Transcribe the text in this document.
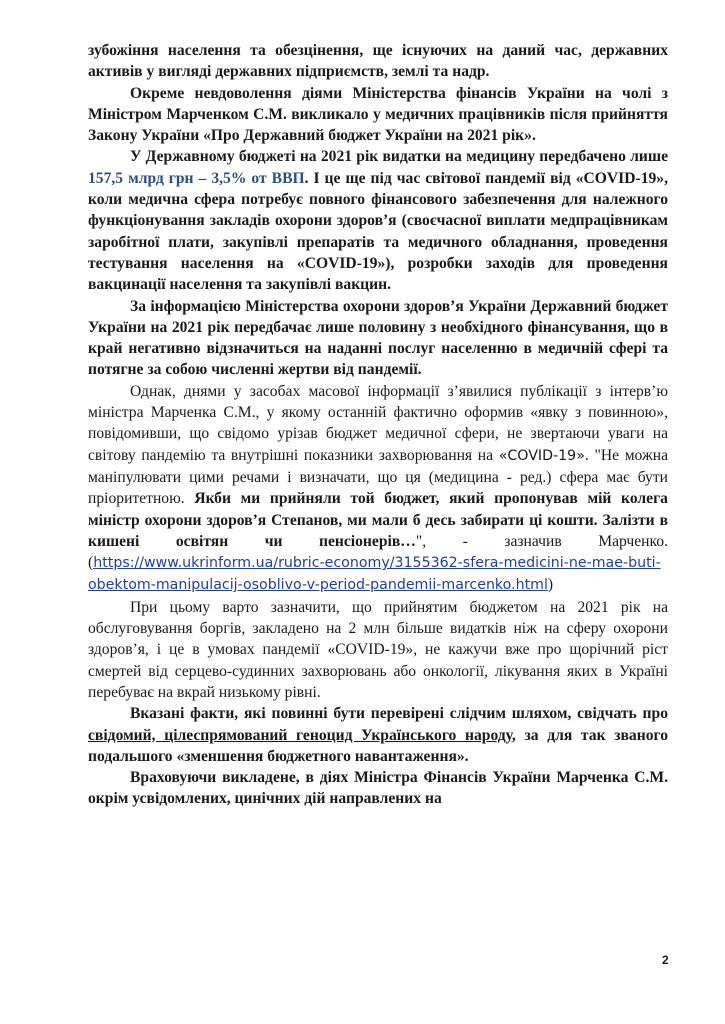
зубожіння населення та обезцінення, ще існуючих на даний час, державних активів у вигляді державних підприємств, землі та надр.

Окреме невдоволення діями Міністерства фінансів України на чолі з Міністром Марченком С.М. викликало у медичних працівників після прийняття Закону України «Про Державний бюджет України на 2021 рік».

У Державному бюджеті на 2021 рік видатки на медицину передбачено лише 157,5 млрд грн – 3,5% от ВВП. І це ще під час світової пандемії від «COVID-19», коли медична сфера потребує повного фінансового забезпечення для належного функціонування закладів охорони здоров’я (своєчасної виплати медпрацівникам заробітної плати, закупівлі препаратів та медичного обладнання, проведення тестування населення на «COVID-19»), розробки заходів для проведення вакцинації населення та закупівлі вакцин.

За інформацією Міністерства охорони здоров’я України Державний бюджет України на 2021 рік передбачає лише половину з необхідного фінансування, що в край негативно відзначиться на наданні послуг населенню в медичній сфері та потягне за собою численні жертви від пандемії.

Однак, днями у засобах масової інформації з’явилися публікації з інтерв’ю міністра Марченка С.М., у якому останній фактично оформив «явку з повинною», повідомивши, що свідомо урізав бюджет медичної сфери, не звертаючи уваги на світову пандемію та внутрішні показники захворювання на «COVID-19». "Не можна маніпулювати цими речами і визначати, що ця (медицина - ред.) сфера має бути пріоритетною. Якби ми прийняли той бюджет, який пропонував мій колега міністр охорони здоров’я Степанов, ми мали б десь забирати ці кошти. Залізти в кишені освітян чи пенсіонерів…", - зазначив Марченко. (https://www.ukrinform.ua/rubric-economy/3155362-sfera-medicini-ne-mae-buti-obektom-manipulacij-osoblivo-v-period-pandemii-marcenko.html)

При цьому варто зазначити, що прийнятим бюджетом на 2021 рік на обслуговування боргів, закладено на 2 млн більше видатків ніж на сферу охорони здоров’я, і це в умовах пандемії «COVID-19», не кажучи вже про щорічний ріст смертей від серцево-судинних захворювань або онкології, лікування яких в Україні перебуває на вкрай низькому рівні.

Вказані факти, які повинні бути перевірені слідчим шляхом, свідчать про свідомий, цілеспрямований геноцид Українського народу, за для так званого подальшого «зменшення бюджетного навантаження».

Враховуючи викладене, в діях Міністра Фінансів України Марченка С.М. окрім усвідомлених, цинічних дій направлених на

2
